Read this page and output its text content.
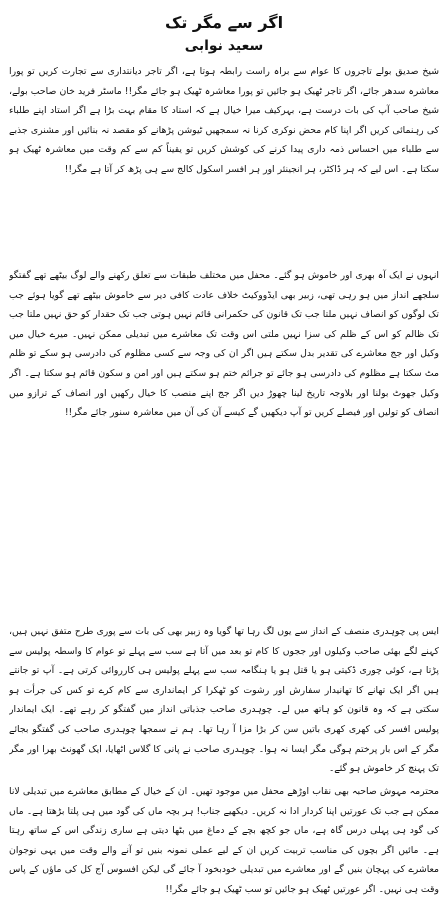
اگر سے مگر تک
سعید نوابی

شیخ صدیق بولے تاجروں کا عوام سے براہ راست رابطہ ہوتا ہے، اگر تاجر دیانتداری سے تجارت کریں تو پورا معاشرہ سدھر جائے، اگر تاجر ٹھیک ہو جائیں تو پورا معاشرہ ٹھیک ہو جائے مگر!! ماسٹر فرید خان صاحب بولے، شیخ صاحب آپ کی بات درست ہے، بہرکیف میرا خیال ہے کہ استاد کا مقام بہت بڑا ہے اگر استاد اپنے طلباء کی رہنمائی کریں اگر اپنا کام محض نوکری کرنا نہ سمجھیں ٹیوشن پڑھانے کو مقصد نہ بنائیں اور مشنری جذبے سے طلباء میں احساس ذمہ داری پیدا کرنے کی کوشش کریں تو یقیناً کم سے کم وقت میں معاشرہ ٹھیک ہو سکتا ہے۔ اس لیے کہ ہر ڈاکٹر، ہر انجینئر اور ہر افسر اسکول کالج سے ہی پڑھ کر آتا ہے مگر!!

انہوں نے ایک آہ بھری اور خاموش ہو گئے۔ محفل میں مختلف طبقات سے تعلق رکھنے والے لوگ بیٹھے تھے گفتگو سلجھے انداز میں ہو رہی تھی، زبیر بھی ایڈووکیٹ خلاف عادت کافی دیر سے خاموش بیٹھے تھے گویا ہوئے جب تک لوگوں کو انصاف نہیں ملتا جب تک قانون کی حکمرانی قائم نہیں ہوتی جب تک حقدار کو حق نہیں ملتا جب تک ظالم کو اس کے ظلم کی سزا نہیں ملتی اس وقت تک معاشرے میں تبدیلی ممکن نہیں۔ میرے خیال میں وکیل اور جج معاشرے کی تقدیر بدل سکتے ہیں اگر ان کی وجہ سے کسی مظلوم کی دادرسی ہو سکے تو ظلم مٹ سکتا ہے مظلوم کی دادرسی ہو جائے تو جرائم ختم ہو سکتے ہیں اور امن و سکون قائم ہو سکتا ہے۔ اگر وکیل جھوٹ بولنا اور بلاوجہ تاریخ لینا چھوڑ دیں اگر جج اپنے منصب کا خیال رکھیں اور انصاف کے ترازو میں انصاف کو تولیں اور فیصلے کریں تو آپ دیکھیں گے کیسے آن کی آن میں معاشرہ سنور جائے مگر!!

ایس پی چوہدری منصف کے انداز سے یوں لگ رہا تھا گویا وہ زبیر بھی کی بات سے پوری طرح متفق نہیں ہیں، کہنے لگے بھئی صاحب وکیلوں اور ججوں کا کام تو بعد میں آتا ہے سب سے پہلے تو عوام کا واسطہ پولیس سے پڑتا ہے، کوئی چوری ڈکیتی ہو یا قتل ہو یا ہنگامہ سب سے پہلے پولیس ہی کارروائی کرتی ہے۔ آپ تو جانتے ہیں اگر ایک تھانے کا تھانیدار سفارش اور رشوت کو ٹھکرا کر ایمانداری سے کام کرے تو کس کی جرأت ہو سکتی ہے کہ وہ قانون کو ہاتھ میں لے۔ چوہدری صاحب جذباتی انداز میں گفتگو کر رہے تھے۔ ایک ایماندار پولیس افسر کی کھری کھری باتیں سن کر بڑا مزا آ رہا تھا۔ ہم نے سمجھا چوہدری صاحب کی گفتگو بجائے مگر کے اس بار پرختم ہوگی مگر ایسا نہ ہوا۔ چوہدری صاحب نے پانی کا گلاس اٹھایا، ایک گھونٹ بھرا اور مگر تک پہنچ کر خاموش ہو گئے۔

محترمہ مہوش صاحبہ بھی نقاب اوڑھے محفل میں موجود تھیں۔ ان کے خیال کے مطابق معاشرے میں تبدیلی لانا ممکن ہے جب تک عورتیں اپنا کردار ادا نہ کریں۔ دیکھیے جناب! ہر بچہ ماں کی گود میں ہی پلتا بڑھتا ہے۔ ماں کی گود ہی پہلی درس گاہ ہے، ماں جو کچھ بچے کے دماغ میں بٹھا دیتی ہے ساری زندگی اس کے ساتھ رہتا ہے۔ مائیں اگر بچوں کی مناسب تربیت کریں ان کے لیے عملی نمونہ بنیں تو آنے والے وقت میں یہی نوجوان معاشرے کی پہچان بنیں گے اور معاشرے میں تبدیلی خودبخود آ جائے گی لیکن افسوس آج کل کی ماؤں کے پاس وقت ہی نہیں۔ اگر عورتیں ٹھیک ہو جائیں تو سب ٹھیک ہو جائے مگر!!
